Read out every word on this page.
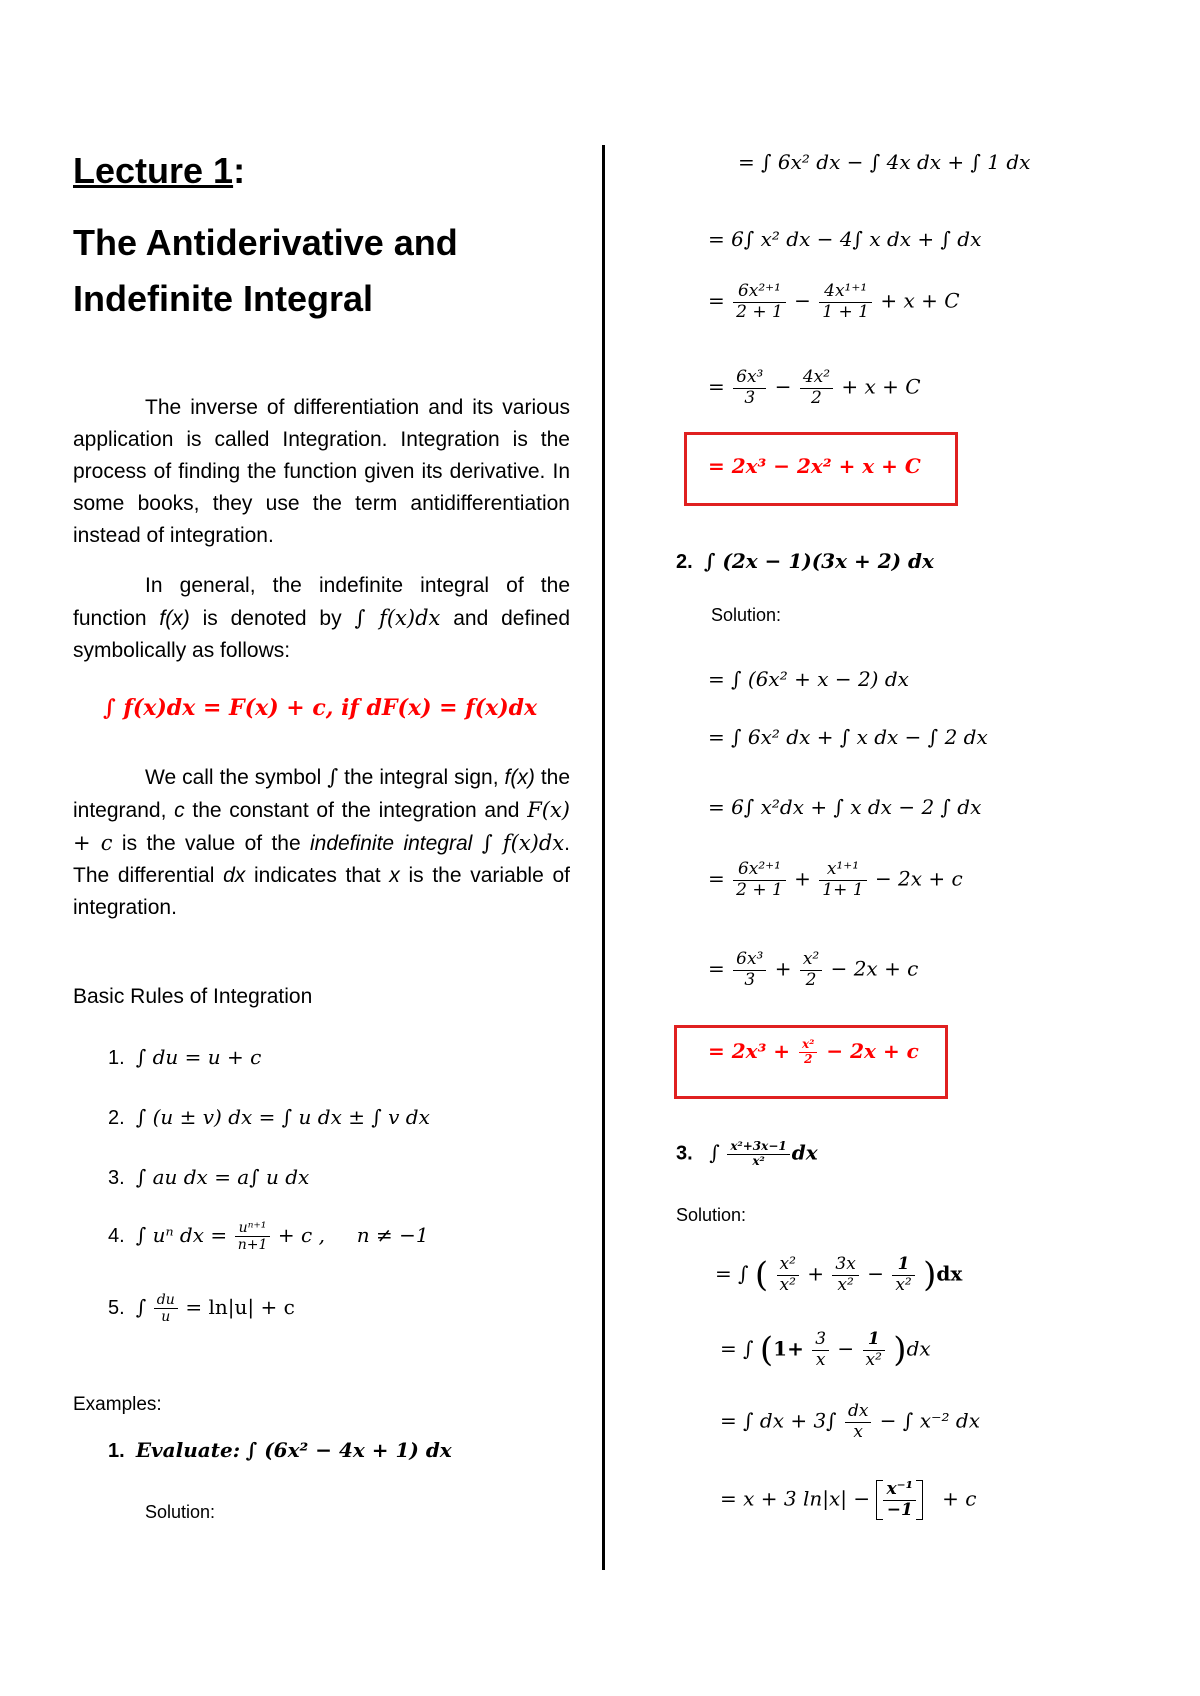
Lecture 1:
The Antiderivative and
Indefinite Integral
The inverse of differentiation and its various application is called Integration. Integration is the process of finding the function given its derivative. In some books, they use the term antidifferentiation instead of integration.
In general, the indefinite integral of the function f(x) is denoted by ∫ f(x)dx and defined symbolically as follows:
∫ f(x)dx = F(x) + c, if dF(x) = f(x)dx
We call the symbol ∫ the integral sign, f(x) the integrand, c the constant of the integration and F(x) + c is the value of the indefinite integral ∫ f(x)dx. The differential dx indicates that x is the variable of integration.
Basic Rules of Integration
1. ∫ du = u + c
2. ∫ (u ± v) dx = ∫ u dx ± ∫ v dx
3. ∫ au dx = a∫ u dx
4. ∫ uⁿ dx = $\frac{\text{uⁿ⁺¹}}{n+1} + c$ ,     n ≠ −1
5. ∫ $\frac{du}{u} = \ln|u| + c$
Examples:
1. Evaluate: ∫ (6x² − 4x + 1) dx
Solution:
= ∫ 6x² dx − ∫ 4x dx + ∫ 1 dx
= 6∫ x² dx − 4∫ x dx + ∫ dx
= $\frac{\text{6x²⁺¹}}{2 + 1} - \frac{\text{4x¹⁺¹}}{1 + 1} + x + C$
= $\frac{\text{6x³}}{3} - \frac{\text{4x²}}{2} + x + C$
= 2x³ − 2x² + x + C
2. ∫ (2x − 1)(3x + 2) dx
Solution:
= ∫ (6x² + x − 2) dx
= ∫ 6x² dx + ∫ x dx − ∫ 2 dx
= 6∫ x²dx + ∫ x dx − 2 ∫ dx
= $\frac{\text{6x²⁺¹}}{2 + 1} + \frac{\text{x¹⁺¹}}{1+ 1} - 2x + c$
= $\frac{\text{6x³}}{3} + \frac{\text{x²}}{2} - 2x + c$
= $2x^3 + \frac{\text{x²}}{2} - 2x + c$
3. ∫ $\frac{\text{x²+3x−1}}{\text{x²}}$ dx
Solution:
= ∫ ( $\frac{\text{x²}}{\text{x²}} + \frac{3x}{\text{x²}} - \frac{1}{\text{x²}} )dx$
= ∫ $(1+ \frac{3}{x} - \frac{1}{\text{x²}} )dx$
= ∫ dx + $3\int \frac{dx}{x}$ − ∫ x⁻² dx
= x + 3 $\ln|x| - \frac{\text{x⁻¹}}{-1} + c$
